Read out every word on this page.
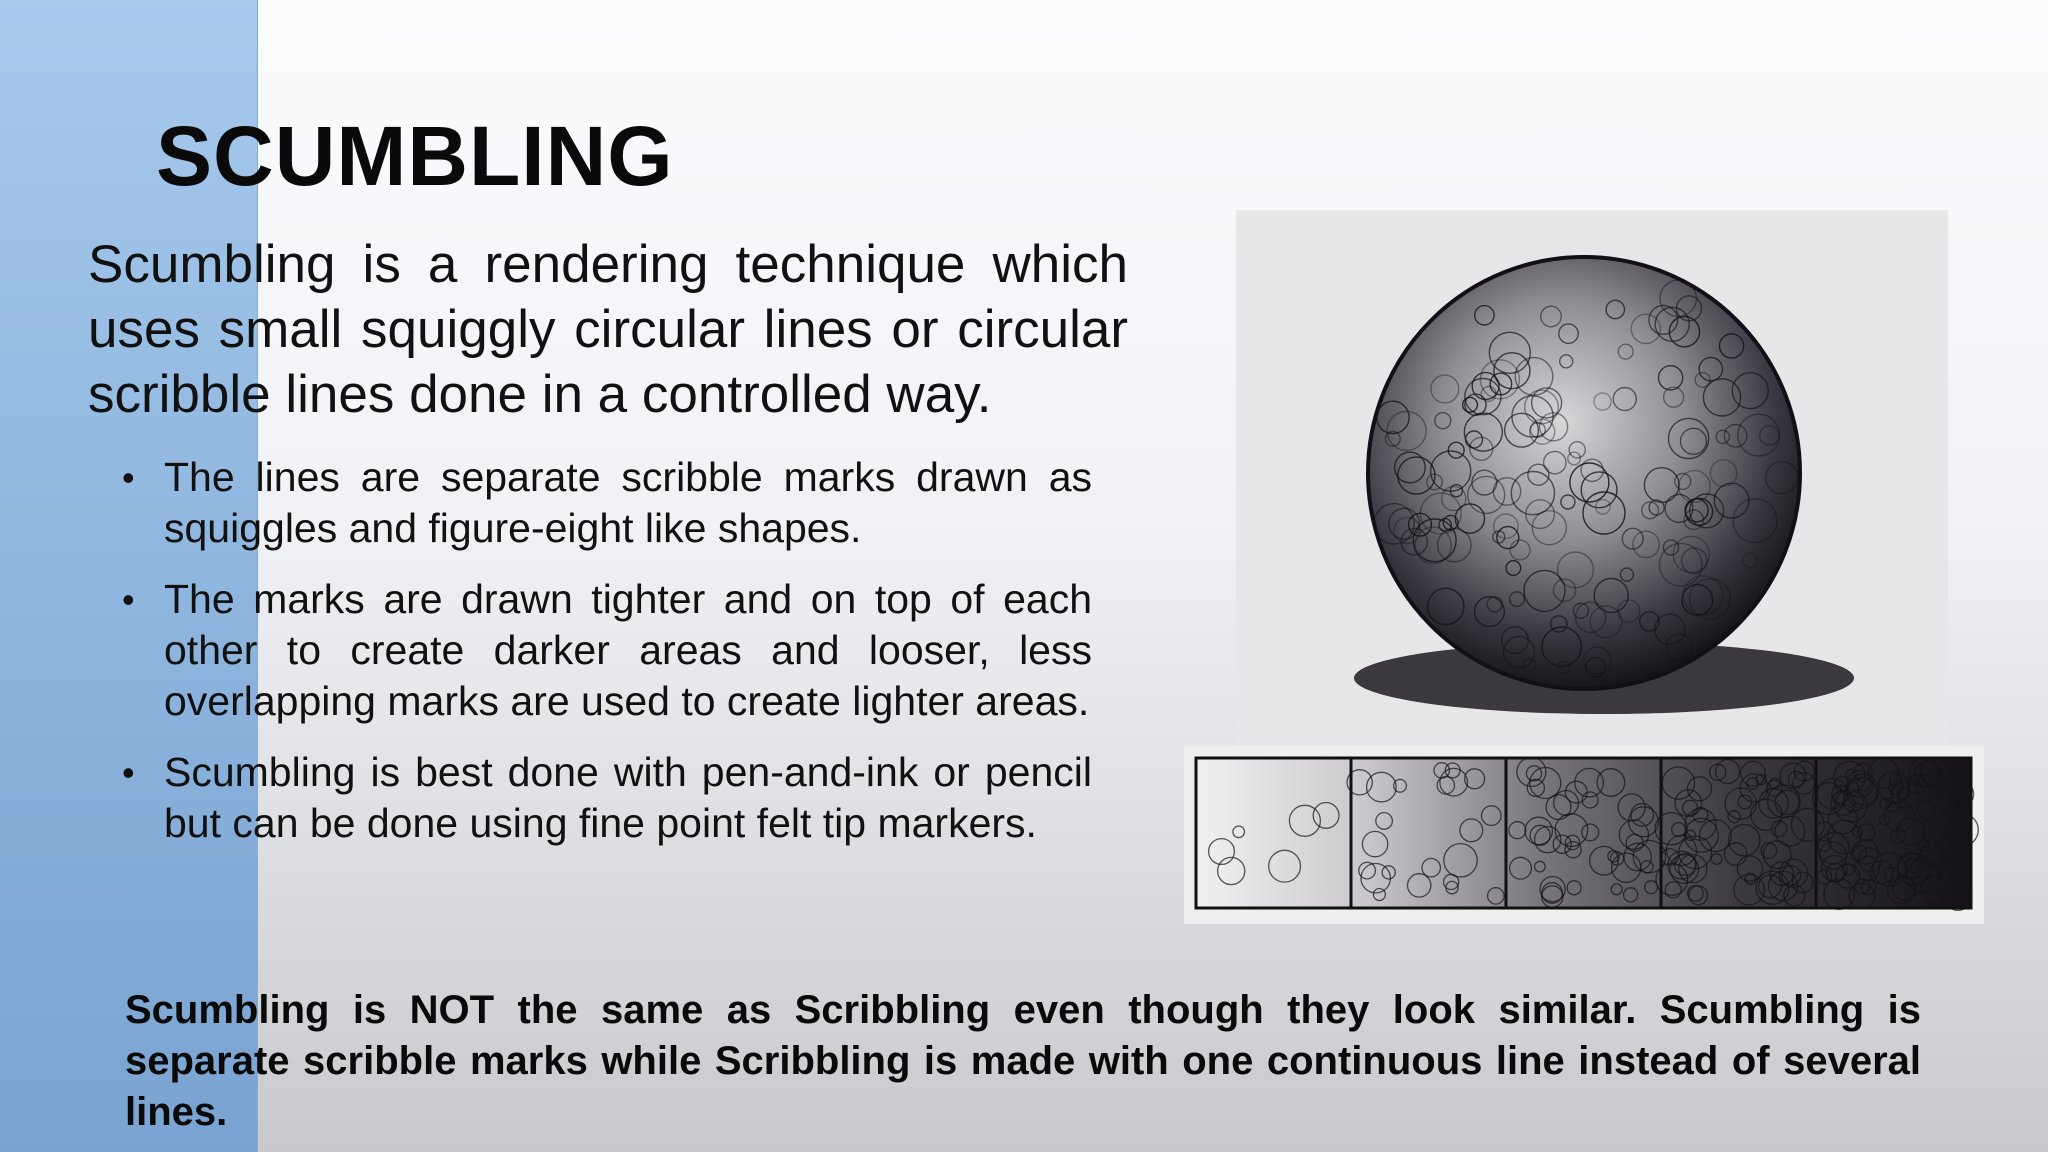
SCUMBLING

Scumbling is a rendering technique which uses small squiggly circular lines or circular scribble lines done in a controlled way.

• The lines are separate scribble marks drawn as squiggles and figure-eight like shapes.
• The marks are drawn tighter and on top of each other to create darker areas and looser, less overlapping marks are used to create lighter areas.
• Scumbling is best done with pen-and-ink or pencil but can be done using fine point felt tip markers.

Scumbling is NOT the same as Scribbling even though they look similar. Scumbling is separate scribble marks while Scribbling is made with one continuous line instead of several lines.
